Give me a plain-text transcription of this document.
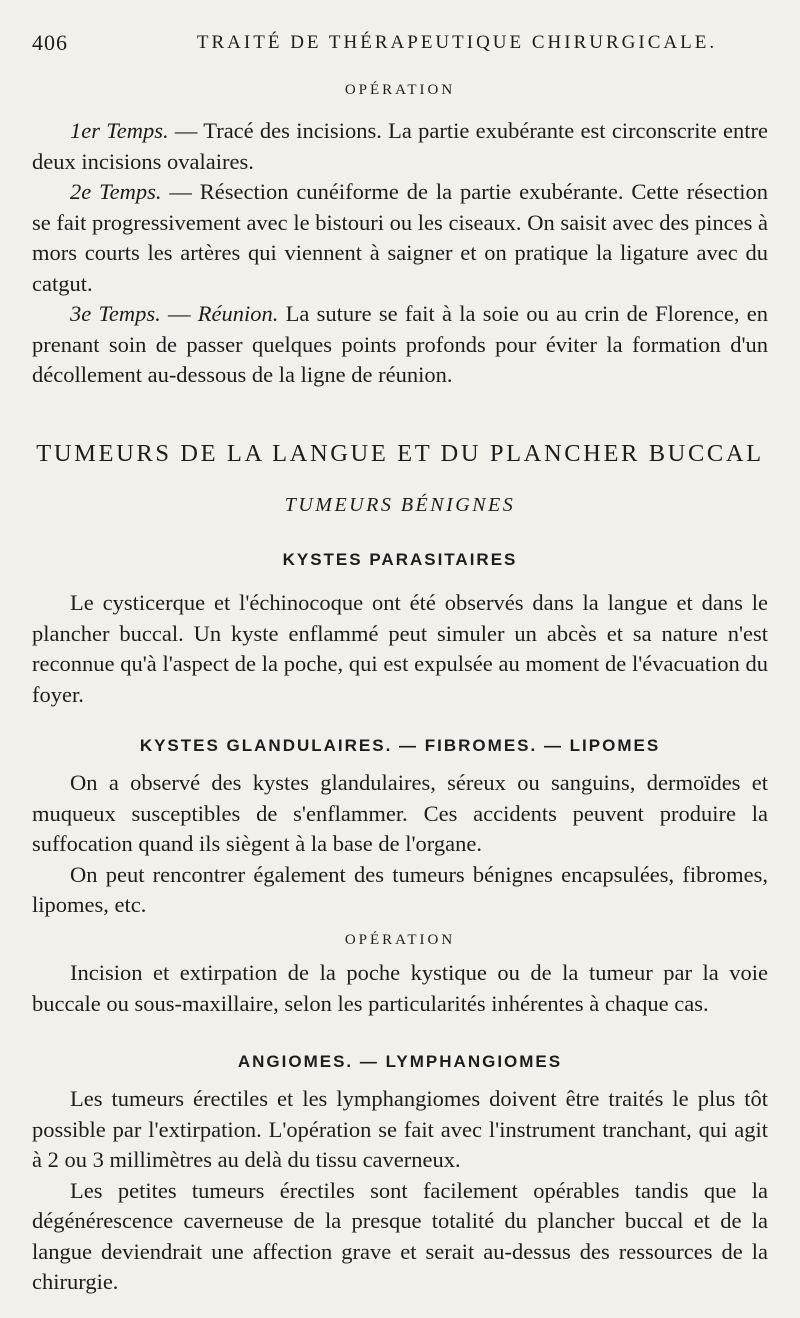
406	TRAITÉ DE THÉRAPEUTIQUE CHIRURGICALE.
OPÉRATION

1er Temps. — Tracé des incisions. La partie exubérante est circonscrite entre deux incisions ovalaires.

2e Temps. — Résection cunéiforme de la partie exubérante. Cette résection se fait progressivement avec le bistouri ou les ciseaux. On saisit avec des pinces à mors courts les artères qui viennent à saigner et on pratique la ligature avec du catgut.

3e Temps. — Réunion. La suture se fait à la soie ou au crin de Florence, en prenant soin de passer quelques points profonds pour éviter la formation d'un décollement au-dessous de la ligne de réunion.

TUMEURS DE LA LANGUE ET DU PLANCHER BUCCAL
TUMEURS BÉNIGNES
KYSTES PARASITAIRES

Le cysticerque et l'échinocoque ont été observés dans la langue et dans le plancher buccal. Un kyste enflammé peut simuler un abcès et sa nature n'est reconnue qu'à l'aspect de la poche, qui est expulsée au moment de l'évacuation du foyer.

KYSTES GLANDULAIRES. — FIBROMES. — LIPOMES

On a observé des kystes glandulaires, séreux ou sanguins, dermoïdes et muqueux susceptibles de s'enflammer. Ces accidents peuvent produire la suffocation quand ils siègent à la base de l'organe.

On peut rencontrer également des tumeurs bénignes encapsulées, fibromes, lipomes, etc.

OPÉRATION

Incision et extirpation de la poche kystique ou de la tumeur par la voie buccale ou sous-maxillaire, selon les particularités inhérentes à chaque cas.

ANGIOMES. — LYMPHANGIOMES

Les tumeurs érectiles et les lymphangiomes doivent être traités le plus tôt possible par l'extirpation. L'opération se fait avec l'instrument tranchant, qui agit à 2 ou 3 millimètres au delà du tissu caverneux.

Les petites tumeurs érectiles sont facilement opérables tandis que la dégénérescence caverneuse de la presque totalité du plancher buccal et de la langue deviendrait une affection grave et serait au-dessus des ressources de la chirurgie.
